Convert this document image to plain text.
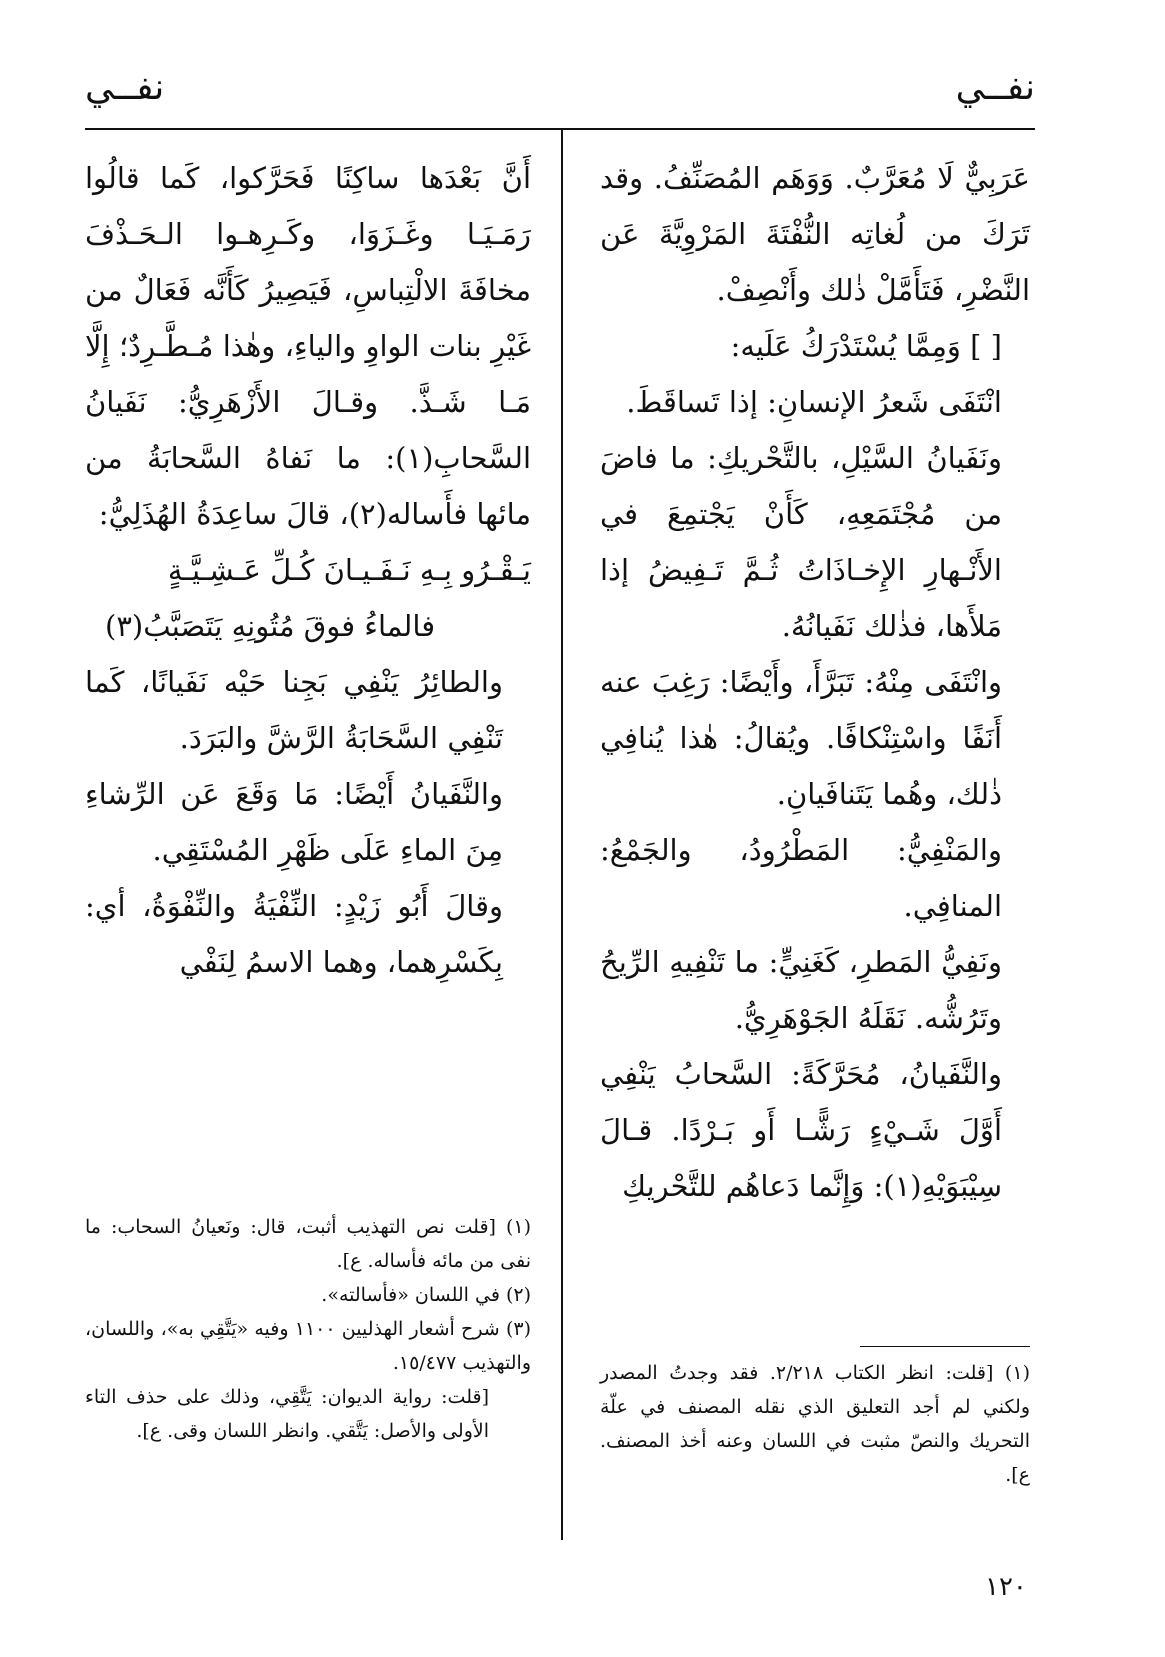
نفــي
نفــي

عَرَبِيٌّ لَا مُعَرَّبٌ. وَوَهَم المُصَنِّفُ. وقد تَرَكَ من لُغاتِه النُّفْتَةَ المَرْوِيَّةَ عَن النَّضْرِ، فَتَأَمَّلْ ذٰلك وأَنْصِفْ.

[ ] وَمِمَّا يُسْتَدْرَكُ عَلَيه:

انْتَفَى شَعرُ الإنسانِ: إذا تَساقَطَ.

ونَفَيانُ السَّيْلِ، بالتَّحْريكِ: ما فاضَ من مُجْتَمَعِهِ، كَأَنْ يَجْتمِعَ في الأَنْـهارِ الإِخـاذَاتُ ثُـمَّ تَـفِيضُ إذا مَلأَها، فذٰلك نَفَيانُهُ.

وانْتَفَى مِنْهُ: تَبَرَّأَ، وأَيْضًا: رَغِبَ عنه أَنَفًا واسْتِنْكافًا. ويُقالُ: هٰذا يُنافِي ذٰلك، وهُما يَتَنافَيانِ.

والمَنْفِيُّ: المَطْرُودُ، والجَمْعُ: المنافِي.

ونَفِيُّ المَطرِ، كَغَنِيٍّ: ما تَنْفِيهِ الرِّيحُ وتَرُشُّه. نَقَلَهُ الجَوْهَرِيُّ.

والنَّفَيانُ، مُحَرَّكَةً: السَّحابُ يَنْفِي أَوَّلَ شَـيْءٍ رَشًّـا أَو بَـرْدًا. قـالَ سِيْبَوَيْهِ(١): وَإِنَّما دَعاهُم للتَّحْريكِ

(١) [قلت: انظر الكتاب ٢/٢١٨. فقد وجدتُ المصدر ولكني لم أجد التعليق الذي نقله المصنف في علّة التحريك والنصّ مثبت في اللسان وعنه أخذ المصنف. ع].

أَنَّ بَعْدَها ساكِنًا فَحَرَّكوا، كَما قالُوا رَمَـيَـا وغَـزَوَا، وكَـرِهـوا الـحَـذْفَ مخافَةَ الالْتِباسِ، فَيَصِيرُ كَأَنَّه فَعَالٌ من غَيْرِ بنات الواوِ والياءِ، وهٰذا مُـطَّـرِدٌ؛ إِلَّا مَـا شَـذَّ. وقـالَ الأَزْهَرِيُّ: نَفَيانُ السَّحابِ(١): ما نَفاهُ السَّحابَةُ من مائها فأَساله(٢)، قالَ ساعِدَةُ الهُذَلِيُّ:

يَـقْـرُو بِـهِ نَـفَـيـانَ كُـلِّ عَـشِـيَّـةٍ
فالماءُ فوقَ مُتُونِهِ يَتَصَبَّبُ(٣)

والطائِرُ يَنْفِي بَجِنا حَيْه نَفَيانًا، كَما تَنْفِي السَّحَابَةُ الرَّشَّ والبَرَدَ.

والنَّفَيانُ أَيْضًا: مَا وَقَعَ عَن الرِّشاءِ مِنَ الماءِ عَلَى ظَهْرِ المُسْتَقِي.

وقالَ أَبُو زَيْدٍ: النِّفْيَةُ والنِّفْوَةُ، أي: بِكَسْرِهما، وهما الاسمُ لِنَفْي

(١) [قلت نص التهذيب أثبت، قال: ونَعيانُ السحاب: ما نفى من مائه فأساله. ع].

(٢) في اللسان «فأسالته».

(٣) شرح أشعار الهذليين ١١٠٠ وفيه «يَتَّقِي به»، واللسان، والتهذيب ١٥/٤٧٧.

[قلت: رواية الديوان: يَتَّقِي، وذلك على حذف التاء الأولى والأصل: يَتَّقي. وانظر اللسان وقى. ع].

١٢٠
